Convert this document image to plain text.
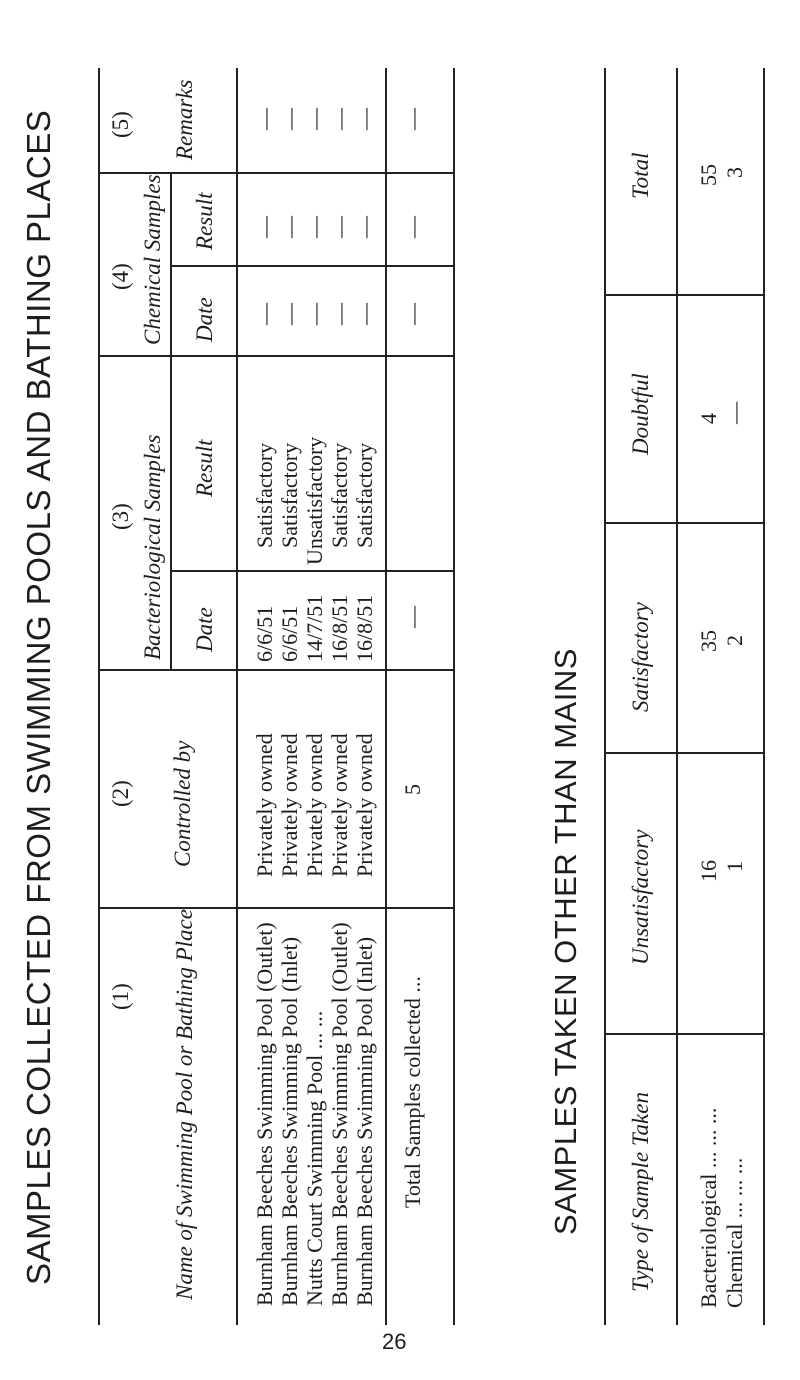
SAMPLES COLLECTED FROM SWIMMING POOLS AND BATHING PLACES (1) Name of Swimming Pool or Bathing Place
(2) Controlled by
(3) Bacteriological Samples Date
Result
(4) Chemical Samples Date
Result
(5) Remarks
Burnham Beeches Swimming Pool (Outlet)
Privately owned
6/6/51
Satisfactory
—
—
—
Burnham Beeches Swimming Pool (Inlet)
Privately owned
6/6/51
Satisfactory
—
—
—
Nutts Court Swimming Pool ... ...
Privately owned
14/7/51
Unsatisfactory
—
—
—
Burnham Beeches Swimming Pool (Outlet)
Privately owned
16/8/51
Satisfactory
—
—
—
Burnham Beeches Swimming Pool (Inlet)
Privately owned
16/8/51
Satisfactory
—
—
—
Total Samples collected ...
5
—
—
—
—
SAMPLES TAKEN OTHER THAN MAINS Type of Sample Taken
Unsatisfactory
Satisfactory
Doubtful
Total
Bacteriological ... ... ...
16
35
4
55
Chemical ... ... ...
1
2
—
3
26
